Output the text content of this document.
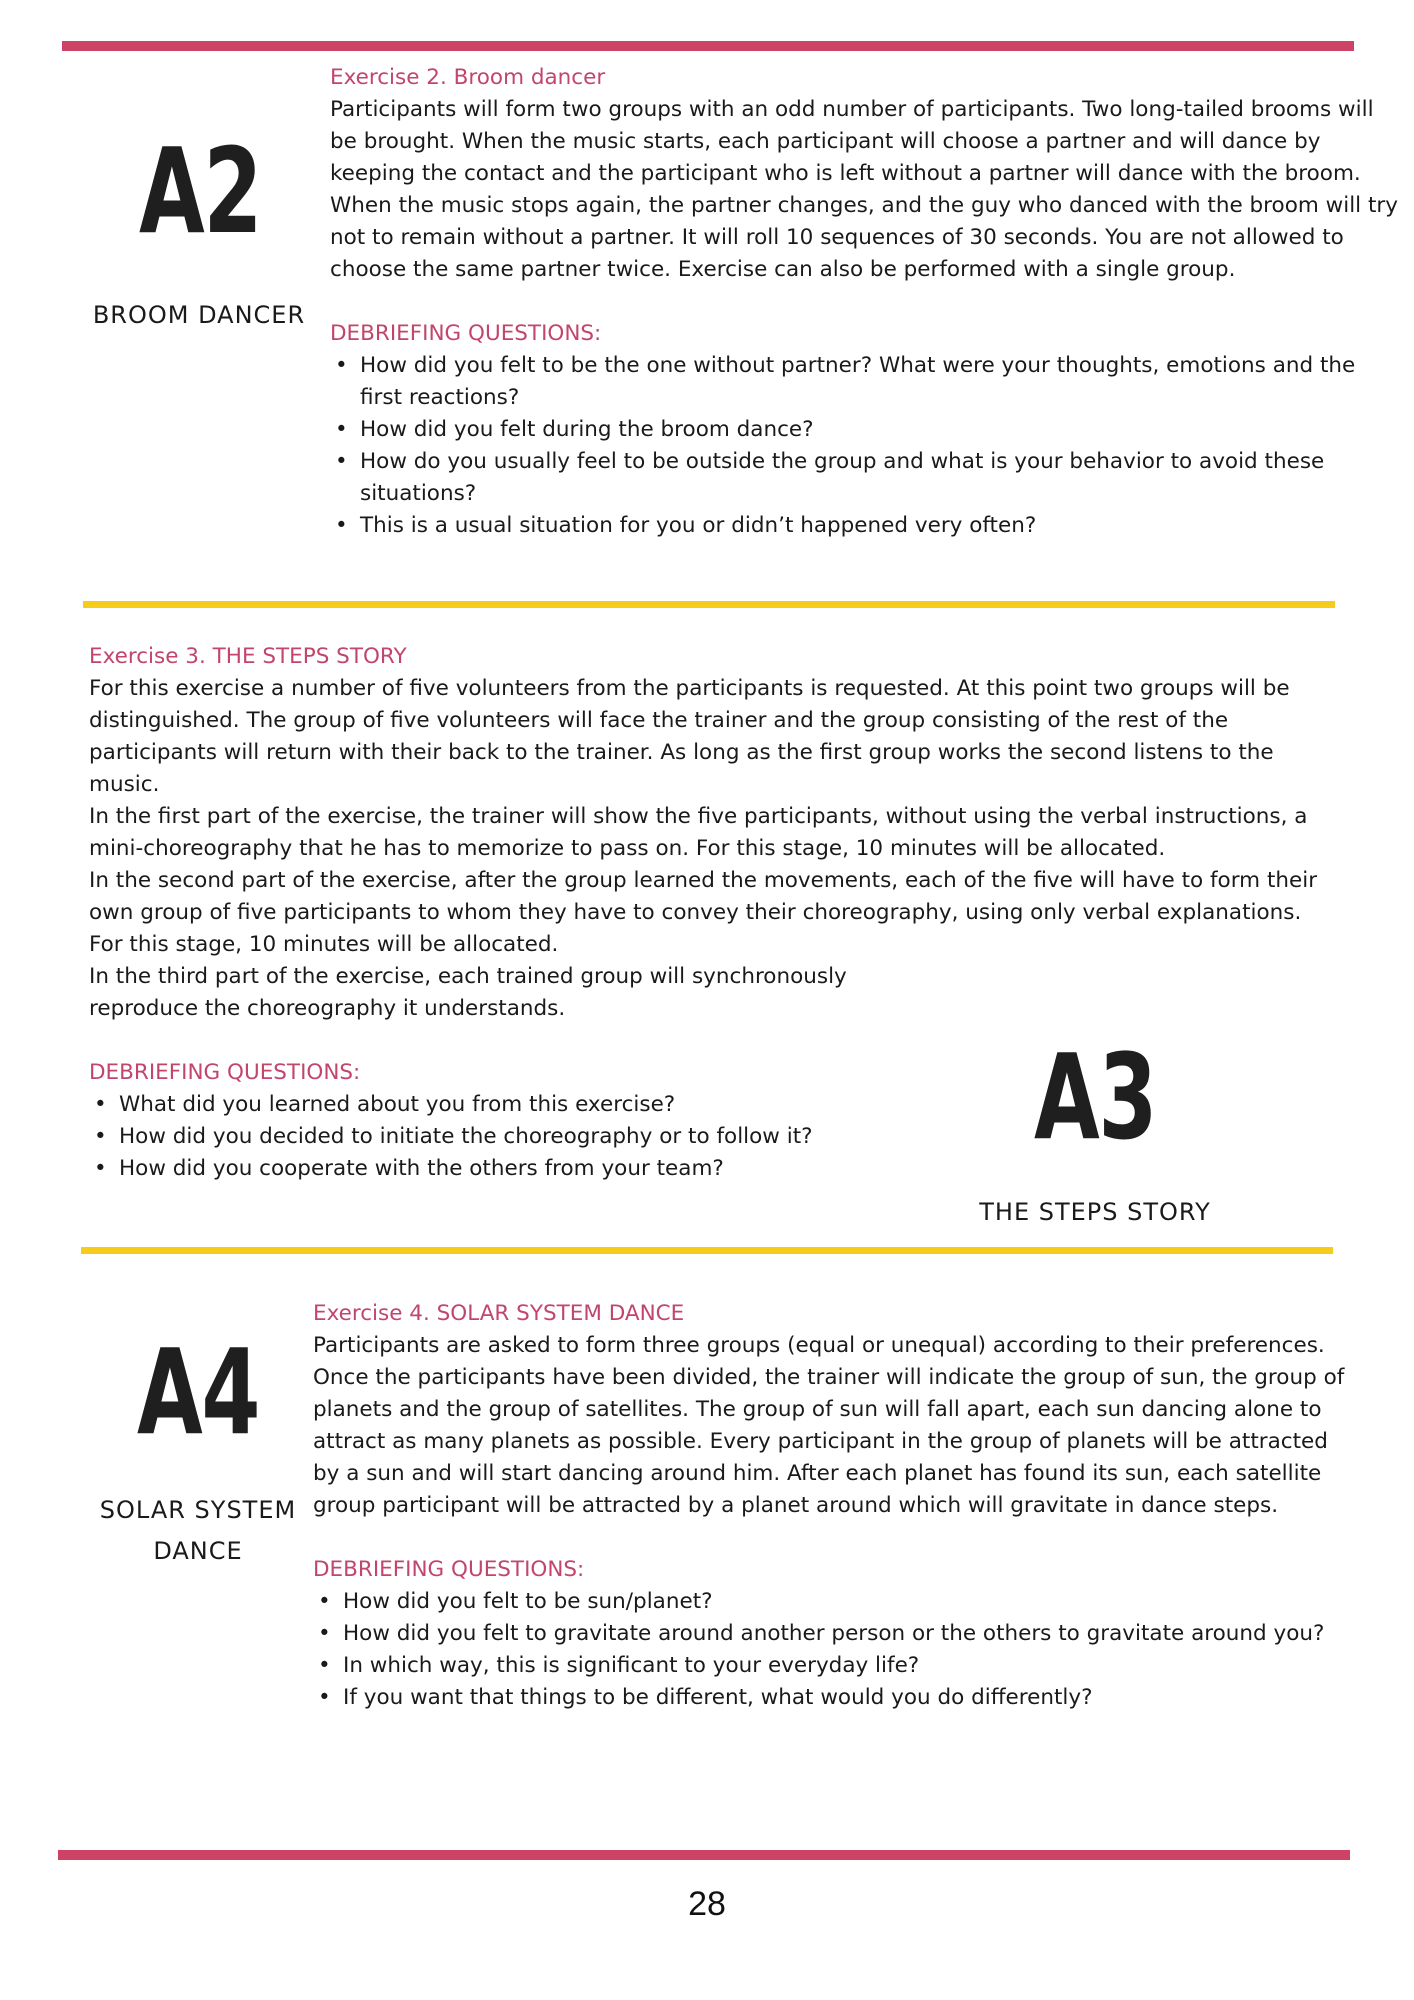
A2
BROOM DANCER
Exercise 2. Broom dancer

Participants will form two groups with an odd number of participants. Two long-tailed brooms will be brought. When the music starts, each participant will choose a partner and will dance by keeping the contact and the participant who is left without a partner will dance with the broom. When the music stops again, the partner changes, and the guy who danced with the broom will try not to remain without a partner. It will roll 10 sequences of 30 seconds. You are not allowed to choose the same partner twice. Exercise can also be performed with a single group.

DEBRIEFING QUESTIONS:
• How did you felt to be the one without partner? What were your thoughts, emotions and the first reactions?
• How did you felt during the broom dance?
• How do you usually feel to be outside the group and what is your behavior to avoid these situations?
• This is a usual situation for you or didn’t happened very often?
Exercise 3. THE STEPS STORY

For this exercise a number of five volunteers from the participants is requested. At this point two groups will be distinguished. The group of five volunteers will face the trainer and the group consisting of the rest of the participants will return with their back to the trainer. As long as the first group works the second listens to the music.

In the first part of the exercise, the trainer will show the five participants, without using the verbal instructions, a mini-choreography that he has to memorize to pass on. For this stage, 10 minutes will be allocated.

In the second part of the exercise, after the group learned the movements, each of the five will have to form their own group of five participants to whom they have to convey their choreography, using only verbal explanations. For this stage, 10 minutes will be allocated.

In the third part of the exercise, each trained group will synchronously reproduce the choreography it understands.

DEBRIEFING QUESTIONS:
• What did you learned about you from this exercise?
• How did you decided to initiate the choreography or to follow it?
• How did you cooperate with the others from your team?
A3
THE STEPS STORY
A4
SOLAR SYSTEM DANCE
Exercise 4. SOLAR SYSTEM DANCE

Participants are asked to form three groups (equal or unequal) according to their preferences. Once the participants have been divided, the trainer will indicate the group of sun, the group of planets and the group of satellites. The group of sun will fall apart, each sun dancing alone to attract as many planets as possible. Every participant in the group of planets will be attracted by a sun and will start dancing around him. After each planet has found its sun, each satellite group participant will be attracted by a planet around which will gravitate in dance steps.

DEBRIEFING QUESTIONS:
• How did you felt to be sun/planet?
• How did you felt to gravitate around another person or the others to gravitate around you?
• In which way, this is significant to your everyday life?
• If you want that things to be different, what would you do differently?
28
